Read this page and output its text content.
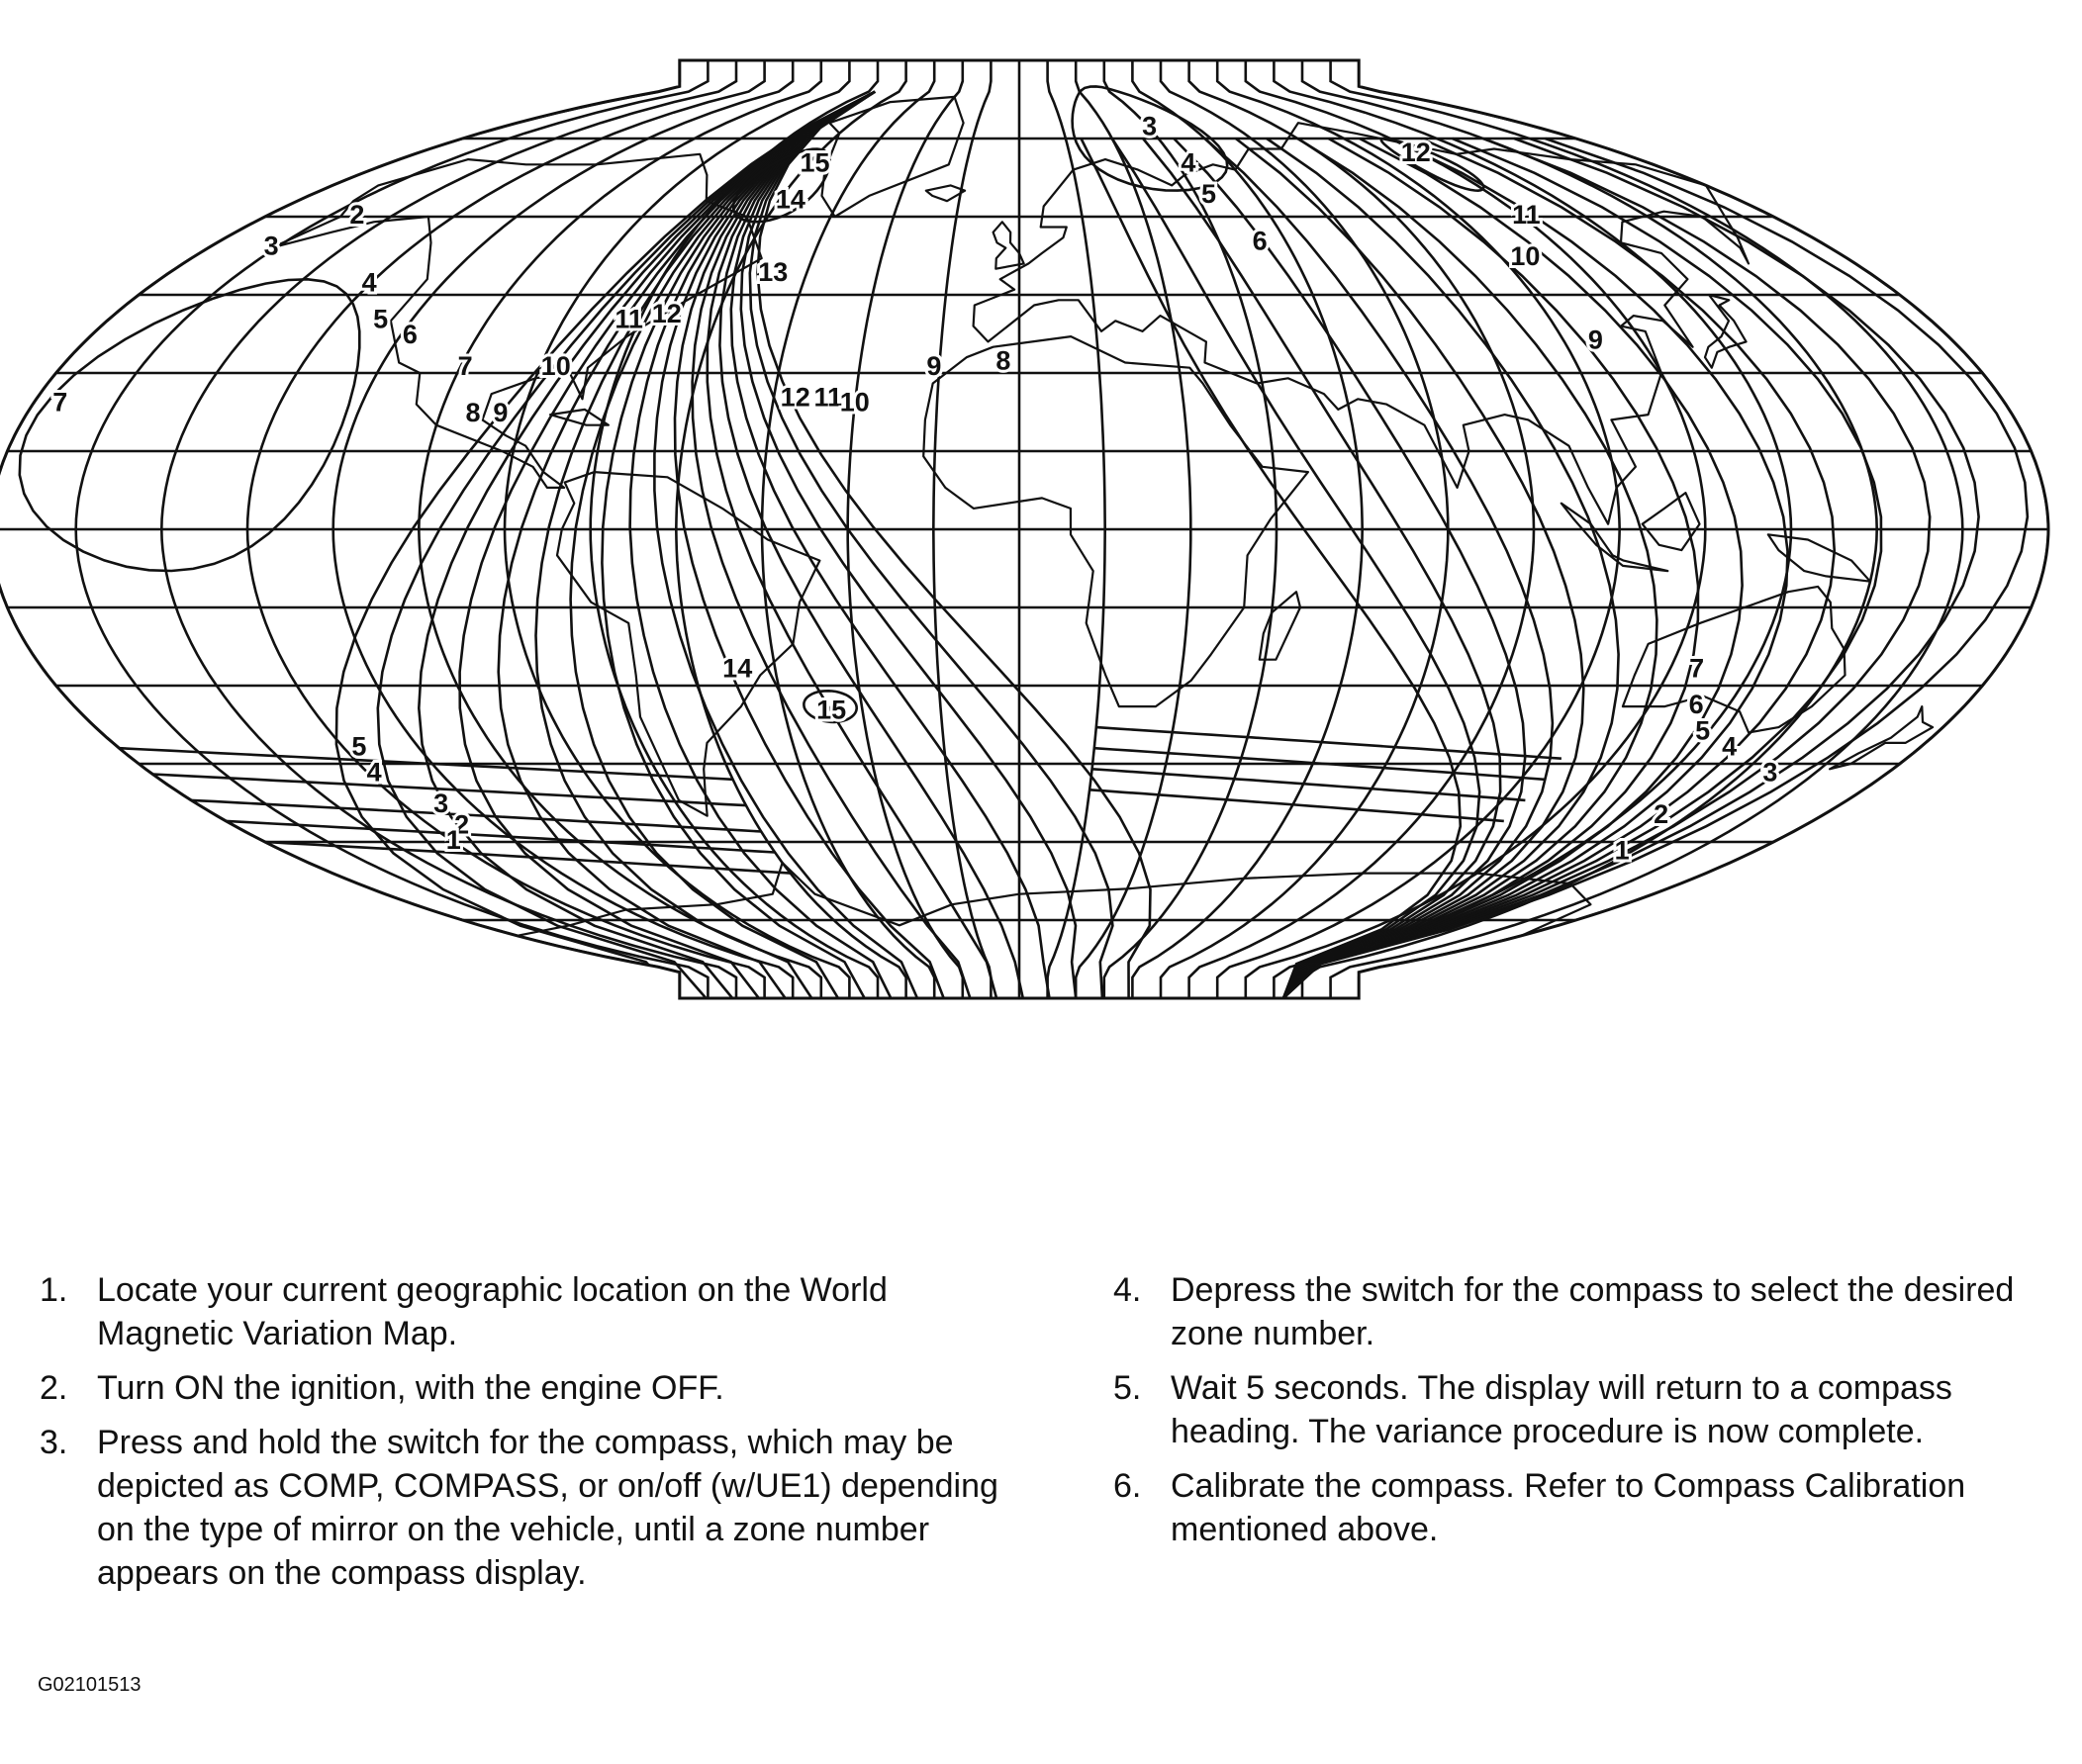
2
3
4
5
6
7	10
8 9
11 12
13
15
14
12 11
10
9 8
3
4
5
6
12
11
10
9
14
15
7
6
5
4
3
2
1
7
5
4
3
2
1
1. Locate your current geographic location on the World Magnetic Variation Map.
2. Turn ON the ignition, with the engine OFF.
3. Press and hold the switch for the compass, which may be depicted as COMP, COMPASS, or on/off (w/UE1) depending on the type of mirror on the vehicle, until a zone number appears on the compass display.
4. Depress the switch for the compass to select the desired zone number.
5. Wait 5 seconds. The display will return to a compass heading. The variance procedure is now complete.
6. Calibrate the compass. Refer to Compass Calibration mentioned above.
G02101513
